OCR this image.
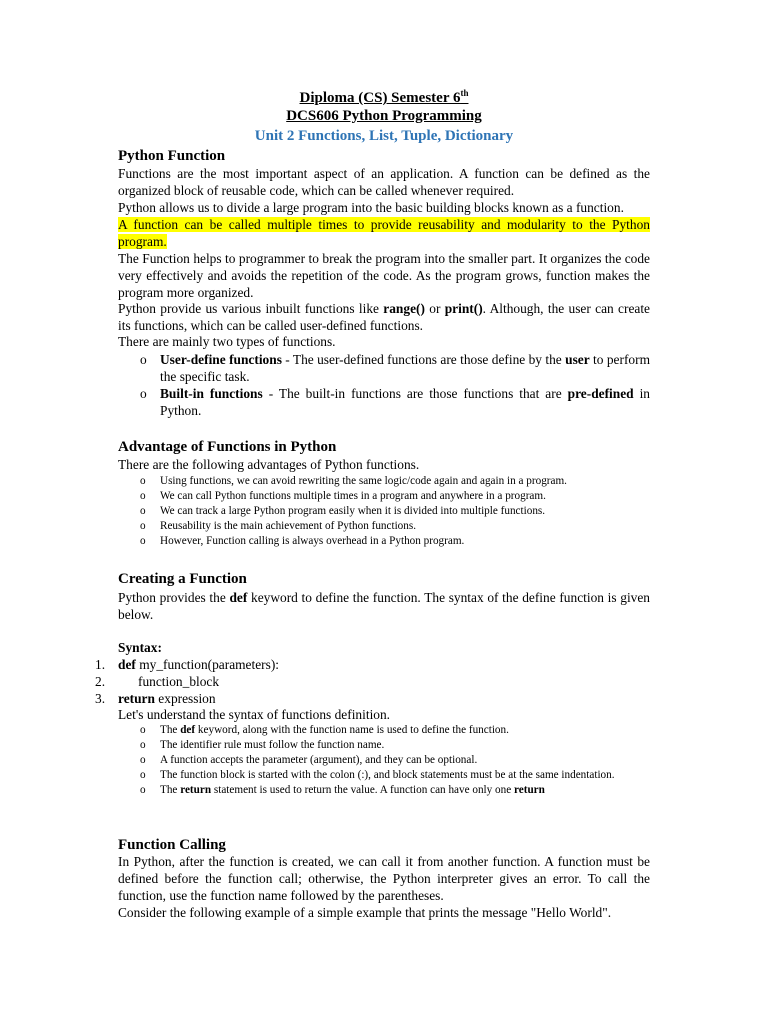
Diploma (CS) Semester 6th
DCS606 Python Programming
Unit 2 Functions, List, Tuple, Dictionary
Python Function

Functions are the most important aspect of an application. A function can be defined as the organized block of reusable code, which can be called whenever required.

Python allows us to divide a large program into the basic building blocks known as a function.

A function can be called multiple times to provide reusability and modularity to the Python program.

The Function helps to programmer to break the program into the smaller part. It organizes the code very effectively and avoids the repetition of the code. As the program grows, function makes the program more organized.

Python provide us various inbuilt functions like range() or print(). Although, the user can create its functions, which can be called user-defined functions.

There are mainly two types of functions.

o User-define functions - The user-defined functions are those define by the user to perform the specific task.
o Built-in functions - The built-in functions are those functions that are pre-defined in Python.
Advantage of Functions in Python

There are the following advantages of Python functions.

o Using functions, we can avoid rewriting the same logic/code again and again in a program.
o We can call Python functions multiple times in a program and anywhere in a program.
o We can track a large Python program easily when it is divided into multiple functions.
o Reusability is the main achievement of Python functions.
o However, Function calling is always overhead in a Python program.
Creating a Function

Python provides the def keyword to define the function. The syntax of the define function is given below.

Syntax:

1. def my_function(parameters):
2. function_block
3. return expression

Let's understand the syntax of functions definition.

o The def keyword, along with the function name is used to define the function.
o The identifier rule must follow the function name.
o A function accepts the parameter (argument), and they can be optional.
o The function block is started with the colon (:), and block statements must be at the same indentation.
o The return statement is used to return the value. A function can have only one return
Function Calling

In Python, after the function is created, we can call it from another function. A function must be defined before the function call; otherwise, the Python interpreter gives an error. To call the function, use the function name followed by the parentheses.

Consider the following example of a simple example that prints the message "Hello World".
